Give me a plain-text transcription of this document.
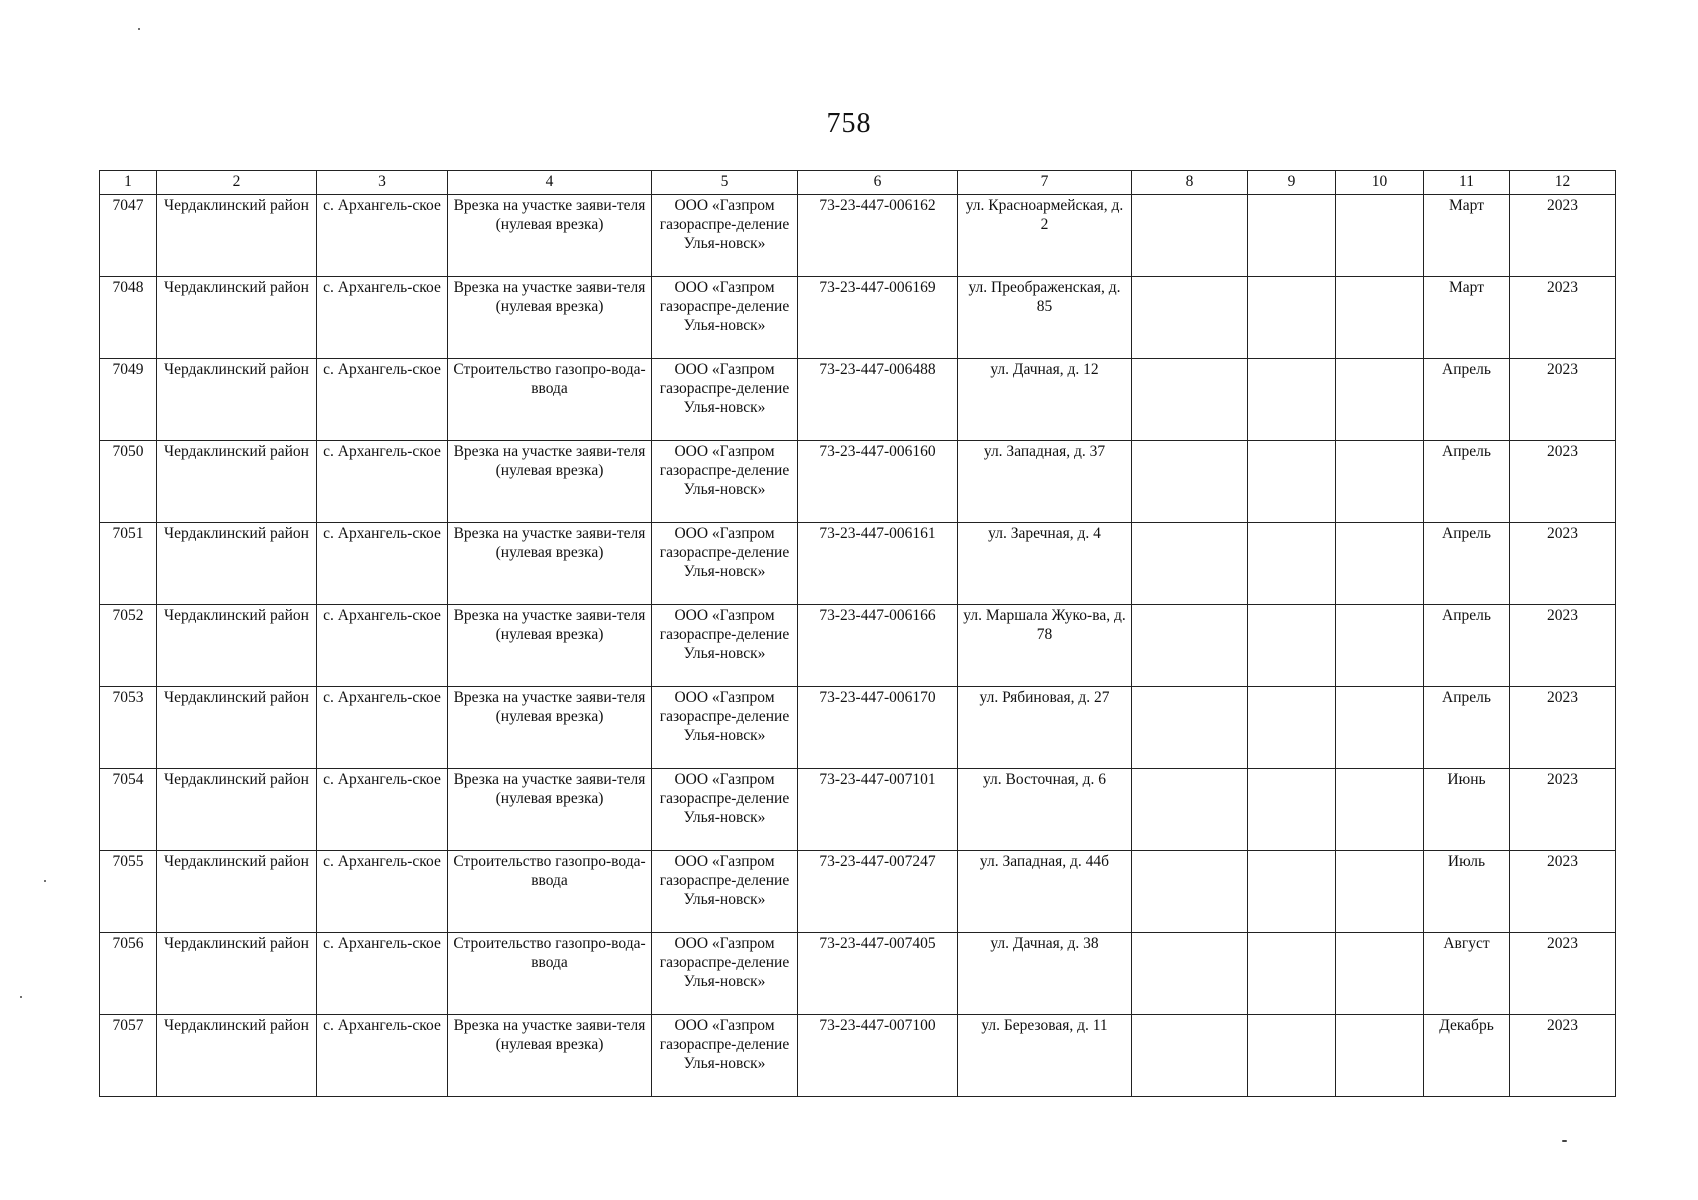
758
1	2	3	4	5	6	7	8	9	10	11	12
7047	Чердаклинский район	с. Архангель-ское	Врезка на участке заяви-теля (нулевая врезка)	ООО «Газпром газораспре-деление Улья-новск»	73-23-447-006162	ул. Красноармейская, д. 2				Март	2023
7048	Чердаклинский район	с. Архангель-ское	Врезка на участке заяви-теля (нулевая врезка)	ООО «Газпром газораспре-деление Улья-новск»	73-23-447-006169	ул. Преображенская, д. 85				Март	2023
7049	Чердаклинский район	с. Архангель-ское	Строительство газопро-вода-ввода	ООО «Газпром газораспре-деление Улья-новск»	73-23-447-006488	ул. Дачная, д. 12				Апрель	2023
7050	Чердаклинский район	с. Архангель-ское	Врезка на участке заяви-теля (нулевая врезка)	ООО «Газпром газораспре-деление Улья-новск»	73-23-447-006160	ул. Западная, д. 37				Апрель	2023
7051	Чердаклинский район	с. Архангель-ское	Врезка на участке заяви-теля (нулевая врезка)	ООО «Газпром газораспре-деление Улья-новск»	73-23-447-006161	ул. Заречная, д. 4				Апрель	2023
7052	Чердаклинский район	с. Архангель-ское	Врезка на участке заяви-теля (нулевая врезка)	ООО «Газпром газораспре-деление Улья-новск»	73-23-447-006166	ул. Маршала Жуко-ва, д. 78				Апрель	2023
7053	Чердаклинский район	с. Архангель-ское	Врезка на участке заяви-теля (нулевая врезка)	ООО «Газпром газораспре-деление Улья-новск»	73-23-447-006170	ул. Рябиновая, д. 27				Апрель	2023
7054	Чердаклинский район	с. Архангель-ское	Врезка на участке заяви-теля (нулевая врезка)	ООО «Газпром газораспре-деление Улья-новск»	73-23-447-007101	ул. Восточная, д. 6				Июнь	2023
7055	Чердаклинский район	с. Архангель-ское	Строительство газопро-вода-ввода	ООО «Газпром газораспре-деление Улья-новск»	73-23-447-007247	ул. Западная, д. 44б				Июль	2023
7056	Чердаклинский район	с. Архангель-ское	Строительство газопро-вода-ввода	ООО «Газпром газораспре-деление Улья-новск»	73-23-447-007405	ул. Дачная, д. 38				Август	2023
7057	Чердаклинский район	с. Архангель-ское	Врезка на участке заяви-теля (нулевая врезка)	ООО «Газпром газораспре-деление Улья-новск»	73-23-447-007100	ул. Березовая, д. 11				Декабрь	2023
